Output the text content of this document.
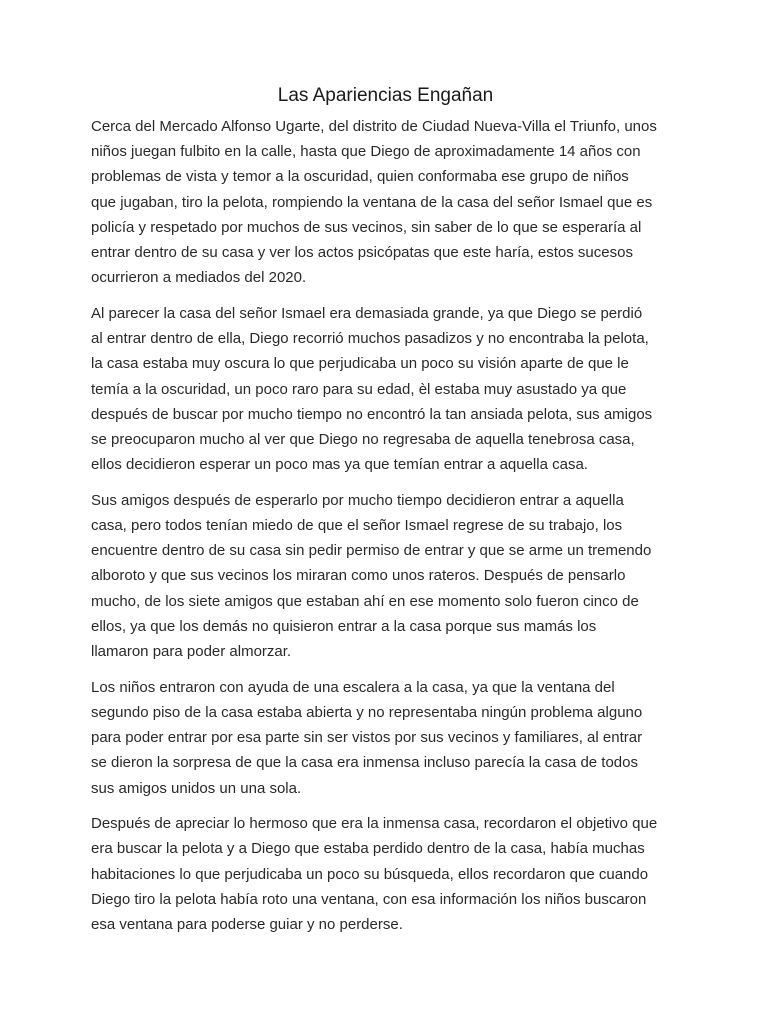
Las Apariencias Engañan

Cerca del Mercado Alfonso Ugarte, del distrito de Ciudad Nueva-Villa el Triunfo, unos
niños juegan fulbito en la calle, hasta que Diego de aproximadamente 14 años con
problemas de vista y temor a la oscuridad, quien conformaba ese grupo de niños
que jugaban, tiro la pelota, rompiendo la ventana de la casa del señor Ismael que es
policía y respetado por muchos de sus vecinos, sin saber de lo que se esperaría al
entrar dentro de su casa y ver los actos psicópatas que este haría, estos sucesos
ocurrieron a mediados del 2020.

Al parecer la casa del señor Ismael era demasiada grande, ya que Diego se perdió
al entrar dentro de ella, Diego recorrió muchos pasadizos y no encontraba la pelota,
la casa estaba muy oscura lo que perjudicaba un poco su visión aparte de que le
temía a la oscuridad, un poco raro para su edad, èl estaba muy asustado ya que
después de buscar por mucho tiempo no encontró la tan ansiada pelota, sus amigos
se preocuparon mucho al ver que Diego no regresaba de aquella tenebrosa casa,
ellos decidieron esperar un poco mas ya que temían entrar a aquella casa.

Sus amigos después de esperarlo por mucho tiempo decidieron entrar a aquella
casa, pero todos tenían miedo de que el señor Ismael regrese de su trabajo, los
encuentre dentro de su casa sin pedir permiso de entrar y que se arme un tremendo
alboroto y que sus vecinos los miraran como unos rateros. Después de pensarlo
mucho, de los siete amigos que estaban ahí en ese momento solo fueron cinco de
ellos, ya que los demás no quisieron entrar a la casa porque sus mamás los
llamaron para poder almorzar.

Los niños entraron con ayuda de una escalera a la casa, ya que la ventana del
segundo piso de la casa estaba abierta y no representaba ningún problema alguno
para poder entrar por esa parte sin ser vistos por sus vecinos y familiares, al entrar
se dieron la sorpresa de que la casa era inmensa incluso parecía la casa de todos
sus amigos unidos un una sola.

Después de apreciar lo hermoso que era la inmensa casa, recordaron el objetivo que
era buscar la pelota y a Diego que estaba perdido dentro de la casa, había muchas
habitaciones lo que perjudicaba un poco su búsqueda, ellos recordaron que cuando
Diego tiro la pelota había roto una ventana, con esa información los niños buscaron
esa ventana para poderse guiar y no perderse.
